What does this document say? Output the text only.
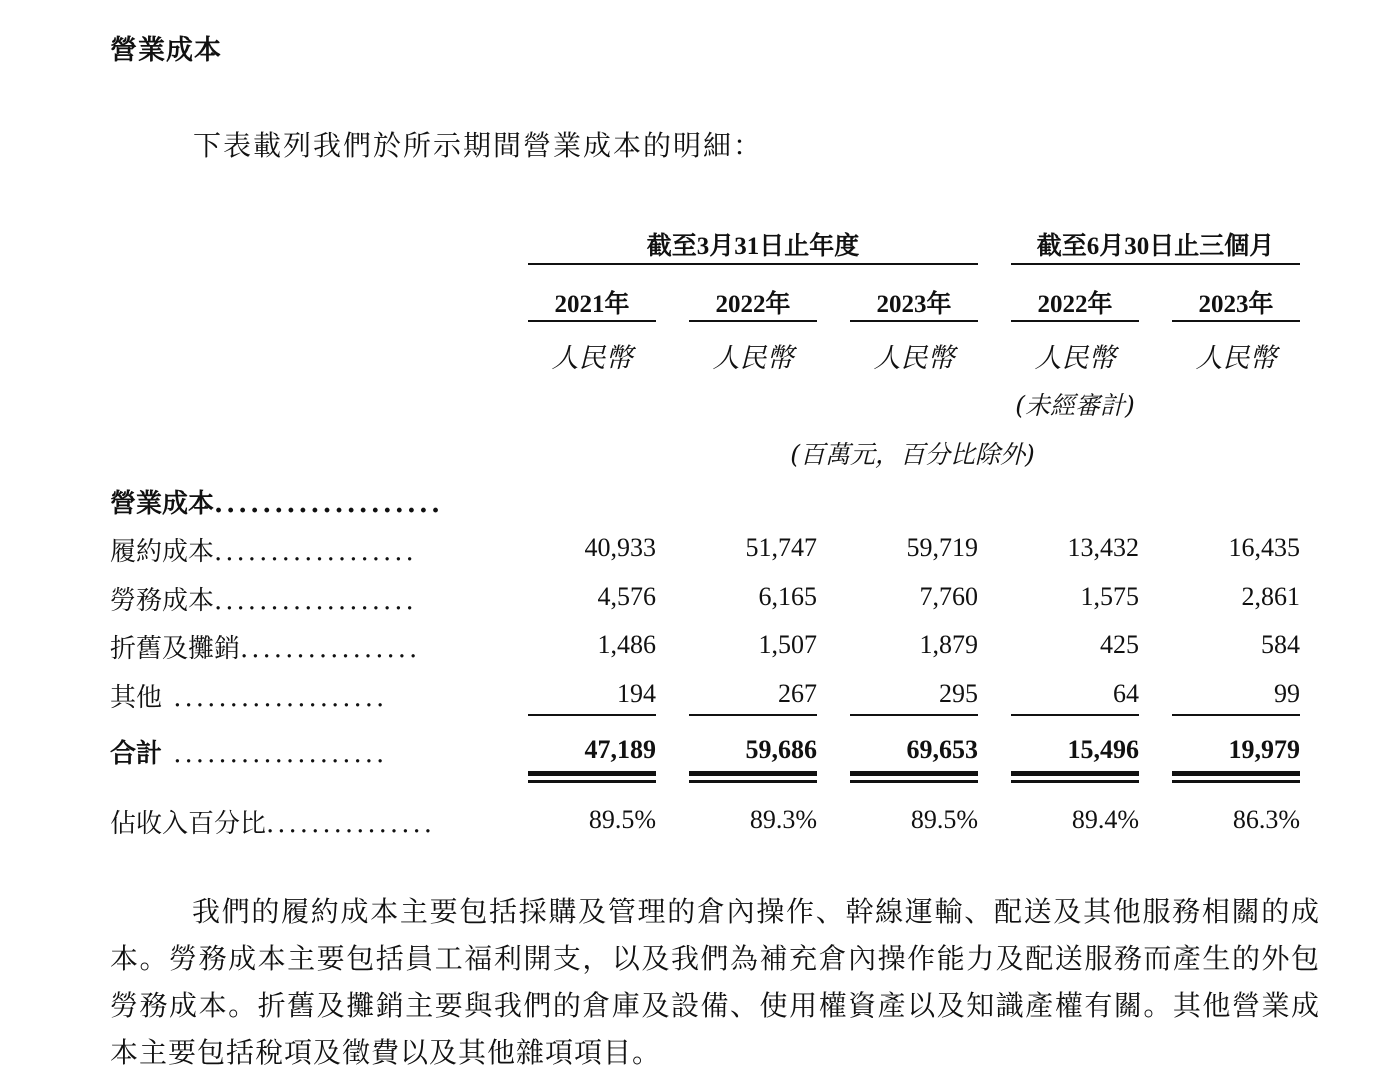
營業成本
下表載列我們於所示期間營業成本的明細：
截至3月31日止年度	截至6月30日止三個月
2021年	2022年	2023年	2022年	2023年
人民幣	人民幣	人民幣	人民幣	人民幣
(未經審計)
(百萬元，百分比除外)
營業成本...................
履約成本..................	40,933	51,747	59,719	13,432	16,435
勞務成本..................	4,576	6,165	7,760	1,575	2,861
折舊及攤銷................	1,486	1,507	1,879	425	584
其他 ...................	194	267	295	64	99
合計 ...................	47,189	59,686	69,653	15,496	19,979
佔收入百分比...............	89.5%	89.3%	89.5%	89.4%	86.3%

我們的履約成本主要包括採購及管理的倉內操作、幹線運輸、配送及其他服務相關的成本。勞務成本主要包括員工福利開支，以及我們為補充倉內操作能力及配送服務而產生的外包勞務成本。折舊及攤銷主要與我們的倉庫及設備、使用權資產以及知識產權有關。其他營業成本主要包括稅項及徵費以及其他雜項項目。
